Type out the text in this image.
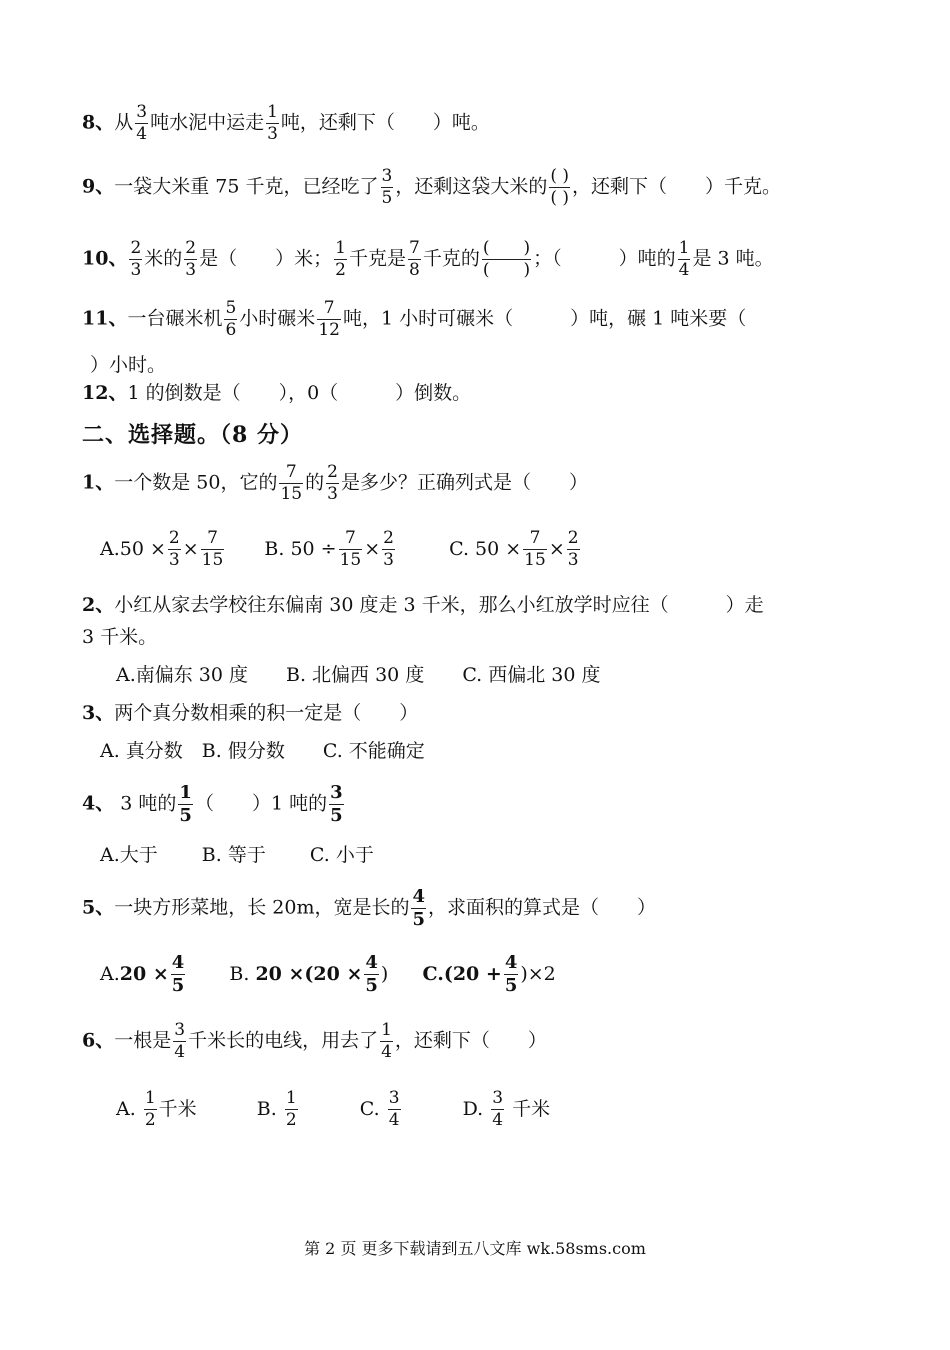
8、从 $\frac{3}{4}$ 吨水泥中运走 $\frac{1}{3}$ 吨，还剩下（　　）吨。
9、一袋大米重 75 千克，已经吃了 $\frac{3}{5}$ ，还剩这袋大米的 $\frac{( )}{( )}$ ，还剩下（　　）千克。
10、 $\frac{2}{3}$ 米的 $\frac{2}{3}$ 是（　　）米； $\frac{1}{2}$ 千克是 $\frac{7}{8}$ 千克的 $\frac{( )}{( )}$ ；（　　　）吨的 $\frac{1}{4}$ 是 3 吨。
11、一台碾米机 $\frac{5}{6}$ 小时碾米 $\frac{7}{12}$ 吨，1 小时可碾米（　　　）吨，碾 1 吨米要（
）小时。
12、1 的倒数是（　　），0（　　　）倒数。
二、选择题。（8 分）
1、一个数是 50，它的 $\frac{7}{15}$ 的 $\frac{2}{3}$ 是多少？正确列式是（　　）
$A.50 \times \frac{2}{3} \times \frac{7}{15} B$. $50 \div \frac{7}{15} \times \frac{2}{3}$	C. $50 \times \frac{7}{15} \times \frac{2}{3}$
2、小红从家去学校往东偏南 30 度走 3 千米，那么小红放学时应往（　　　）走
3 千米。
A.南偏东 30 度　　B. 北偏西 30 度　　C. 西偏北 30 度
3、两个真分数相乘的积一定是（　　）
A. 真分数　B. 假分数　　C. 不能确定
4、 3 吨的 $\frac{1}{5}$ （　　）1 吨的 $\frac{3}{5}$
A.大于　　 B. 等于　　 C. 小于
5、一块方形菜地，长 20m，宽是长的 $\frac{4}{5}$ ，求面积的算式是（　　）
$A.20 \times \frac{4}{5} B$. $20 \times(20 \times \frac{4}{5}$ ) $C.(20 + \frac{4}{5} )\times 2$
6、一根是 $\frac{3}{4}$ 千米长的电线，用去了 $\frac{1}{4}$ ，还剩下（　　）
A. $\frac{1}{2}$ 千米	B. $\frac{1}{2}$	C. $\frac{3}{4}$	D. $\frac{3}{4}$ 千米
第 2 页 更多下载请到五八文库 wk.58sms.com
